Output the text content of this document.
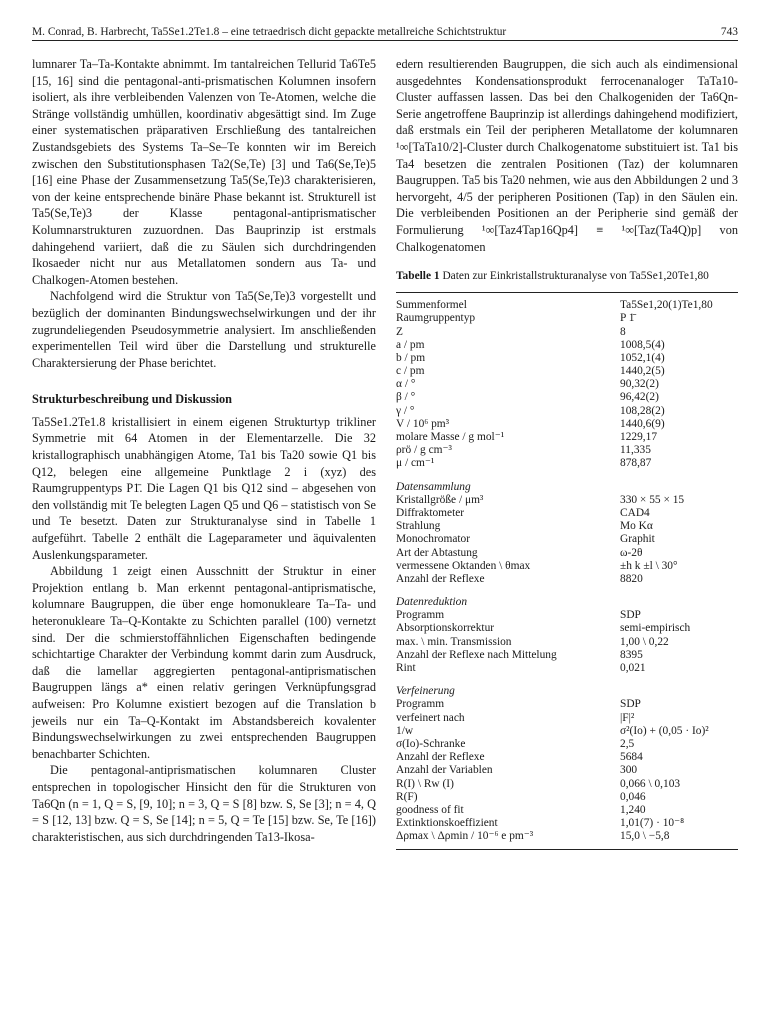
M. Conrad, B. Harbrecht, Ta5Se1.2Te1.8 – eine tetraedrisch dicht gepackte metallreiche Schichtstruktur	743

lumnarer Ta–Ta-Kontakte abnimmt. Im tantalreichen Tellurid Ta6Te5 [15, 16] sind die pentagonal-anti-prismatischen Kolumnen insofern isoliert, als ihre verbleibenden Valenzen von Te-Atomen, welche die Stränge vollständig umhüllen, koordinativ abgesättigt sind. Im Zuge einer systematischen präparativen Erschließung des tantalreichen Zustandsgebiets des Systems Ta–Se–Te konnten wir im Bereich zwischen den Substitutionsphasen Ta2(Se,Te) [3] und Ta6(Se,Te)5 [16] eine Phase der Zusammensetzung Ta5(Se,Te)3 charakterisieren, von der keine entsprechende binäre Phase bekannt ist. Strukturell ist Ta5(Se,Te)3 der Klasse pentagonal-antiprismatischer Kolumnarstrukturen zuzuordnen. Das Bauprinzip ist erstmals dahingehend variiert, daß die zu Säulen sich durchdringenden Ikosaeder nicht nur aus Metallatomen sondern aus Ta- und Chalkogen-Atomen bestehen.

Nachfolgend wird die Struktur von Ta5(Se,Te)3 vorgestellt und bezüglich der dominanten Bindungswechselwirkungen und der ihr zugrundeliegenden Pseudosymmetrie analysiert. Im anschließenden experimentellen Teil wird über die Darstellung und strukturelle Charaktersierung der Phase berichtet.

Strukturbeschreibung und Diskussion

Ta5Se1.2Te1.8 kristallisiert in einem eigenen Strukturtyp trikliner Symmetrie mit 64 Atomen in der Elementarzelle. Die 32 kristallographisch unabhängigen Atome, Ta1 bis Ta20 sowie Q1 bis Q12, belegen eine allgemeine Punktlage 2 i (xyz) des Raumgruppentyps P1̄. Die Lagen Q1 bis Q12 sind – abgesehen von den vollständig mit Te belegten Lagen Q5 und Q6 – statistisch von Se und Te besetzt. Daten zur Strukturanalyse sind in Tabelle 1 aufgeführt. Tabelle 2 enthält die Lageparameter und äquivalenten Auslenkungsparameter.

Abbildung 1 zeigt einen Ausschnitt der Struktur in einer Projektion entlang b. Man erkennt pentagonal-antiprismatische, kolumnare Baugruppen, die über enge homonukleare Ta–Ta- und heteronukleare Ta–Q-Kontakte zu Schichten parallel (100) vernetzt sind. Der die schmierstoffähnlichen Eigenschaften bedingende schichtartige Charakter der Verbindung kommt darin zum Ausdruck, daß die lamellar aggregierten pentagonal-antiprismatischen Baugruppen längs a* einen relativ geringen Verknüpfungsgrad aufweisen: Pro Kolumne existiert bezogen auf die Translation b jeweils nur ein Ta–Q-Kontakt im Abstandsbereich kovalenter Bindungswechselwirkungen zu zwei entsprechenden Baugruppen benachbarter Schichten.

Die pentagonal-antiprismatischen kolumnaren Cluster entsprechen in topologischer Hinsicht den für die Strukturen von Ta6Qn (n = 1, Q = S, [9, 10]; n = 3, Q = S [8] bzw. S, Se [3]; n = 4, Q = S [12, 13] bzw. Q = S, Se [14]; n = 5, Q = Te [15] bzw. Se, Te [16]) charakteristischen, aus sich durchdringenden Ta13-Ikosa-

edern resultierenden Baugruppen, die sich auch als eindimensional ausgedehntes Kondensationsprodukt ferrocenanaloger TaTa10-Cluster auffassen lassen. Das bei den Chalkogeniden der Ta6Qn-Serie angetroffene Bauprinzip ist allerdings dahingehend modifiziert, daß erstmals ein Teil der peripheren Metallatome der kolumnaren ¹∞[TaTa10/2]-Cluster durch Chalkogenatome substituiert ist. Ta1 bis Ta4 besetzen die zentralen Positionen (Taz) der kolumnaren Baugruppen. Ta5 bis Ta20 nehmen, wie aus den Abbildungen 2 und 3 hervorgeht, 4/5 der peripheren Positionen (Tap) in den Säulen ein. Die verbleibenden Positionen an der Peripherie sind gemäß der Formulierung ¹∞[Taz4Tap16Qp4] ≡ ¹∞[Taz(Ta4Q)p] von Chalkogenatomen

Tabelle 1 Daten zur Einkristallstrukturanalyse von Ta5Se1,20Te1,80
Summenformel	Ta5Se1,20(1)Te1,80
Raumgruppentyp	P 1̄
Z	8
a / pm	1008,5(4)
b / pm	1052,1(4)
c / pm	1440,2(5)
α / °	90,32(2)
β / °	96,42(2)
γ / °	108,28(2)
V / 10⁶ pm³	1440,6(9)
molare Masse / g mol⁻¹	1229,17
ρrö / g cm⁻³	11,335
μ / cm⁻¹	878,87
Datensammlung
Kristallgröße / μm³	330 × 55 × 15
Diffraktometer	CAD4
Strahlung	Mo Kα
Monochromator	Graphit
Art der Abtastung	ω-2θ
vermessene Oktanden \ θmax	±h k ±l \ 30°
Anzahl der Reflexe	8820
Datenreduktion
Programm	SDP
Absorptionskorrektur	semi-empirisch
max. \ min. Transmission	1,00 \ 0,22
Anzahl der Reflexe nach Mittelung	8395
Rint	0,021
Verfeinerung
Programm	SDP
verfeinert nach	|F|²
1/w	σ²(Io) + (0,05 · Io)²
σ(Io)-Schranke	2,5
Anzahl der Reflexe	5684
Anzahl der Variablen	300
R(I) \ Rw (I)	0,066 \ 0,103
R(F)	0,046
goodness of fit	1,240
Extinktionskoeffizient	1,01(7) · 10⁻⁸
Δρmax \ Δρmin / 10⁻⁶ e pm⁻³	15,0 \ −5,8
